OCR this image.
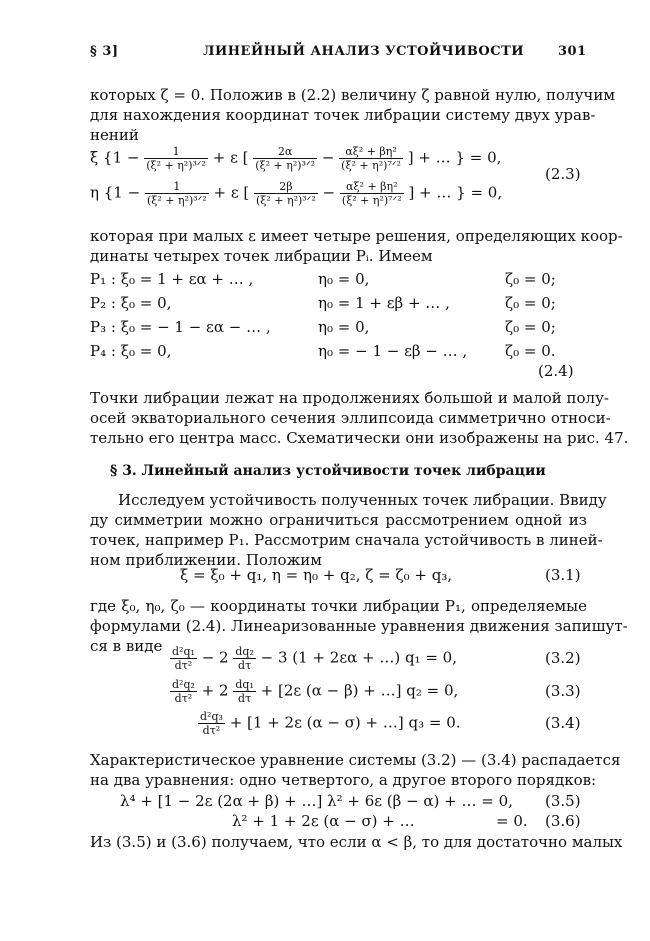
§ 3]	ЛИНЕЙНЫЙ АНАЛИЗ УСТОЙЧИВОСТИ	301
которых ζ = 0. Положив в (2.2) величину ζ равной нулю, получим
для нахождения координат точек либрации систему двух урав-
нений
ξ {$1 - \frac{1}{\text{(ξ² + η²)³ᐟ²}} + \varepsilon$ [ $\frac{2\alpha}{\text{(ξ² + η²)³ᐟ²}} - \frac{\text{αξ² + βη²}}{\text{(ξ² + η²)⁷ᐟ²}}$ ] + … } = 0,
η {$1 - \frac{1}{\text{(ξ² + η²)³ᐟ²}} + \varepsilon$ [ $\frac{2\beta}{\text{(ξ² + η²)³ᐟ²}} - \frac{\text{αξ² + βη²}}{\text{(ξ² + η²)⁷ᐟ²}}$ ] + … } = 0,
(2.3)
которая при малых ε имеет четыре решения, определяющих коор-
динаты четырех точек либрации Pᵢ. Имеем
P₁ : ξ₀ = 1 + εα + … ,	η₀ = 0,	ζ₀ = 0;
P₂ : ξ₀ = 0,	η₀ = 1 + εβ + … ,	ζ₀ = 0;
P₃ : ξ₀ = − 1 − εα − … ,	η₀ = 0,	ζ₀ = 0;
P₄ : ξ₀ = 0,	η₀ = − 1 − εβ − … ,	ζ₀ = 0.
(2.4)
Точки либрации лежат на продолжениях большой и малой полу-
осей экваториального сечения эллипсоида симметрично относи-
тельно его центра масс. Схематически они изображены на рис. 47.
§ 3. Линейный анализ устойчивости точек либрации
Исследуем устойчивость полученных точек либрации. Ввиду
ду симметрии можно ограничиться рассмотрением одной из
точек, например P₁. Рассмотрим сначала устойчивость в линей-
ном приближении. Положим
ξ = ξ₀ + q₁, η = η₀ + q₂, ζ = ζ₀ + q₃,	(3.1)
где ξ₀, η₀, ζ₀ — координаты точки либрации P₁, определяемые
формулами (2.4). Линеаризованные уравнения движения запишут-
ся в виде $\frac{\text{d²q₁}}{\text{dτ²}} - 2 \frac{\text{dq₂}}{d\tau} - 3$ (1 + 2εα + …) q₁ = 0,	(3.2)
$\frac{\text{d²q₂}}{\text{dτ²}} + 2 \frac{\text{dq₁}}{d\tau} + [2\varepsilon$ (α − β) + …] q₂ = 0,	(3.3)
$\frac{\text{d²q₃}}{\text{dτ²}} + [1 + 2\varepsilon$ (α − σ) + …] q₃ = 0.	(3.4)
Характеристическое уравнение системы (3.2) — (3.4) распадается
на два уравнения: одно четвертого, а другое второго порядков:
λ⁴ + [1 − 2ε (2α + β) + …] λ² + 6ε (β − α) + … = 0, (3.5)
λ² + 1 + 2ε (α − σ) + …	= 0. (3.6)
Из (3.5) и (3.6) получаем, что если α < β, то для достаточно малых
